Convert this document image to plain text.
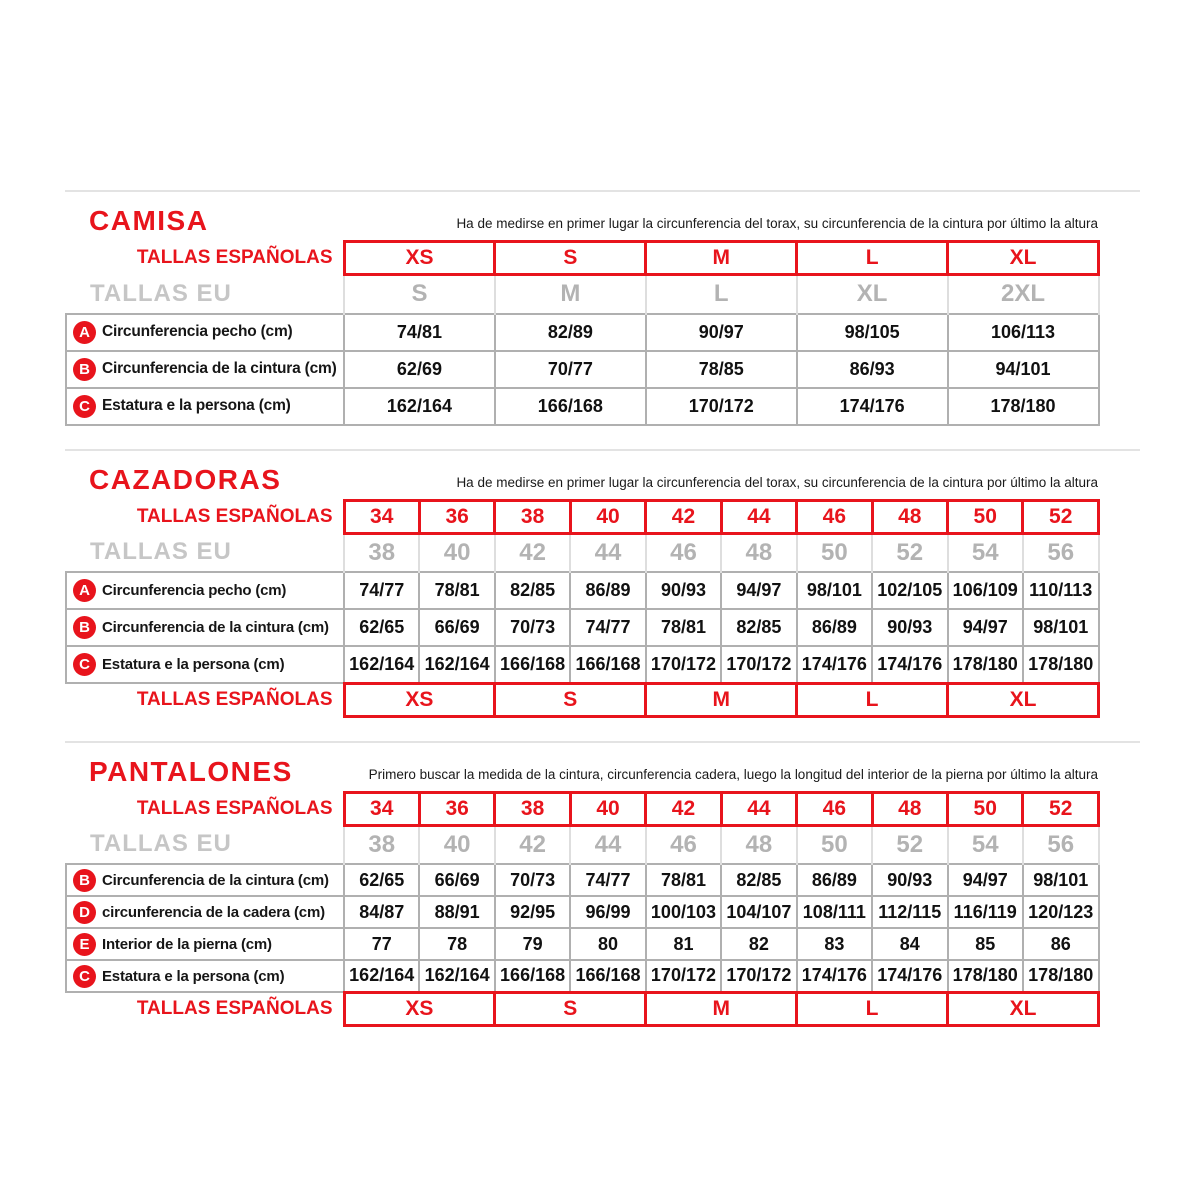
CAMISA	Ha de medirse en primer lugar la circunferencia del torax, su circunferencia de la cintura por último la altura

TALLAS ESPAÑOLAS	XS	S	M	L	XL
TALLAS EU	S	M	L	XL	2XL

A Circunferencia pecho (cm)	74/81	82/89	90/97	98/105	106/113

B Circunferencia de la cintura (cm)	62/69	70/77	78/85	86/93	94/101

C Estatura e la persona (cm)	162/164	166/168	170/172	174/176	178/180
CAZADORAS	Ha de medirse en primer lugar la circunferencia del torax, su circunferencia de la cintura por último la altura

TALLAS ESPAÑOLAS	34	36	38	40	42	44	46	48	50	52
TALLAS EU	38	40	42	44	46	48	50	52	54	56

A Circunferencia pecho (cm)	74/77	78/81	82/85	86/89	90/93	94/97	98/101	102/105	106/109	110/113

B Circunferencia de la cintura (cm)	62/65	66/69	70/73	74/77	78/81	82/85	86/89	90/93	94/97	98/101

C Estatura e la persona (cm)	162/164	162/164	166/168	166/168	170/172	170/172	174/176	174/176	178/180	178/180
TALLAS ESPAÑOLAS	XS		S		M		L		XL	
PANTALONES	Primero buscar la medida de la cintura, circunferencia cadera, luego la longitud del interior de la pierna por último la altura

TALLAS ESPAÑOLAS	34	36	38	40	42	44	46	48	50	52
TALLAS EU	38	40	42	44	46	48	50	52	54	56

B Circunferencia de la cintura (cm)	62/65	66/69	70/73	74/77	78/81	82/85	86/89	90/93	94/97	98/101

D circunferencia de la cadera (cm)	84/87	88/91	92/95	96/99	100/103	104/107	108/111	112/115	116/119	120/123

E Interior de la pierna (cm)	77	78	79	80	81	82	83	84	85	86

C Estatura e la persona (cm)	162/164	162/164	166/168	166/168	170/172	170/172	174/176	174/176	178/180	178/180
TALLAS ESPAÑOLAS	XS		S		M		L		XL	
